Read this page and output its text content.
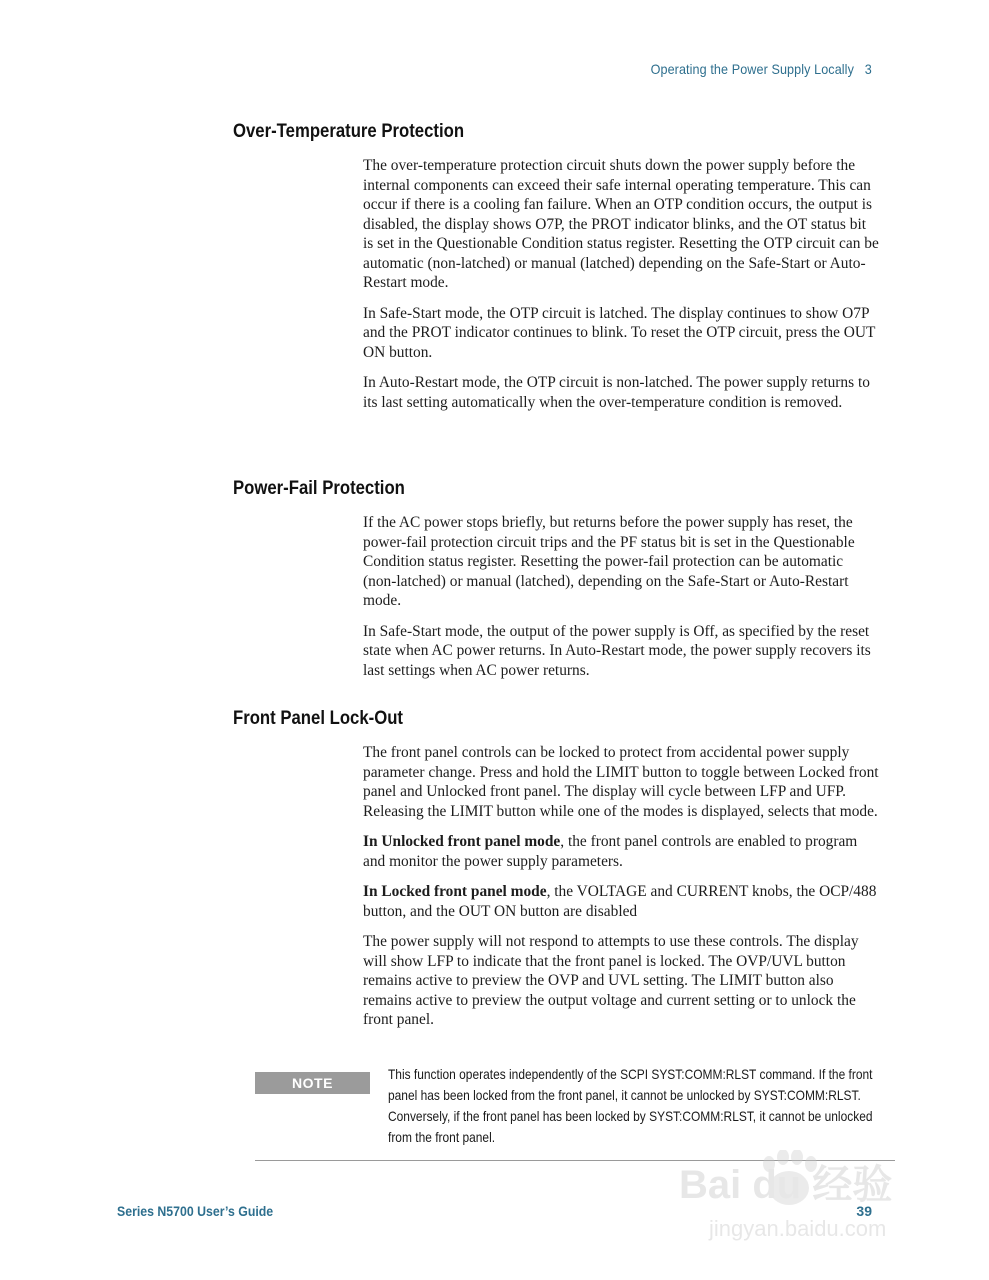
Operating the Power Supply Locally 3
Over-Temperature Protection

The over-temperature protection circuit shuts down the power supply before the internal components can exceed their safe internal operating temperature. This can occur if there is a cooling fan failure. When an OTP condition occurs, the output is disabled, the display shows O7P, the PROT indicator blinks, and the OT status bit is set in the Questionable Condition status register. Resetting the OTP circuit can be automatic (non-latched) or manual (latched) depending on the Safe-Start or Auto-Restart mode.

In Safe-Start mode, the OTP circuit is latched. The display continues to show O7P and the PROT indicator continues to blink. To reset the OTP circuit, press the OUT ON button.

In Auto-Restart mode, the OTP circuit is non-latched. The power supply returns to its last setting automatically when the over-temperature condition is removed.

Power-Fail Protection

If the AC power stops briefly, but returns before the power supply has reset, the power-fail protection circuit trips and the PF status bit is set in the Questionable Condition status register. Resetting the power-fail protection can be automatic (non-latched) or manual (latched), depending on the Safe-Start or Auto-Restart mode.

In Safe-Start mode, the output of the power supply is Off, as specified by the reset state when AC power returns. In Auto-Restart mode, the power supply recovers its last settings when AC power returns.

Front Panel Lock-Out

The front panel controls can be locked to protect from accidental power supply parameter change. Press and hold the LIMIT button to toggle between Locked front panel and Unlocked front panel. The display will cycle between LFP and UFP. Releasing the LIMIT button while one of the modes is displayed, selects that mode.

In Unlocked front panel mode, the front panel controls are enabled to program and monitor the power supply parameters.

In Locked front panel mode, the VOLTAGE and CURRENT knobs, the OCP/488 button, and the OUT ON button are disabled

The power supply will not respond to attempts to use these controls. The display will show LFP to indicate that the front panel is locked. The OVP/UVL button remains active to preview the OVP and UVL setting. The LIMIT button also remains active to preview the output voltage and current setting or to unlock the front panel.

NOTE
This function operates independently of the SCPI SYST:COMM:RLST command. If the front panel has been locked from the front panel, it cannot be unlocked by SYST:COMM:RLST. Conversely, if the front panel has been locked by SYST:COMM:RLST, it cannot be unlocked from the front panel.
Series N5700 User’s Guide	39
Bai du 经验
jingyan.baidu.com
